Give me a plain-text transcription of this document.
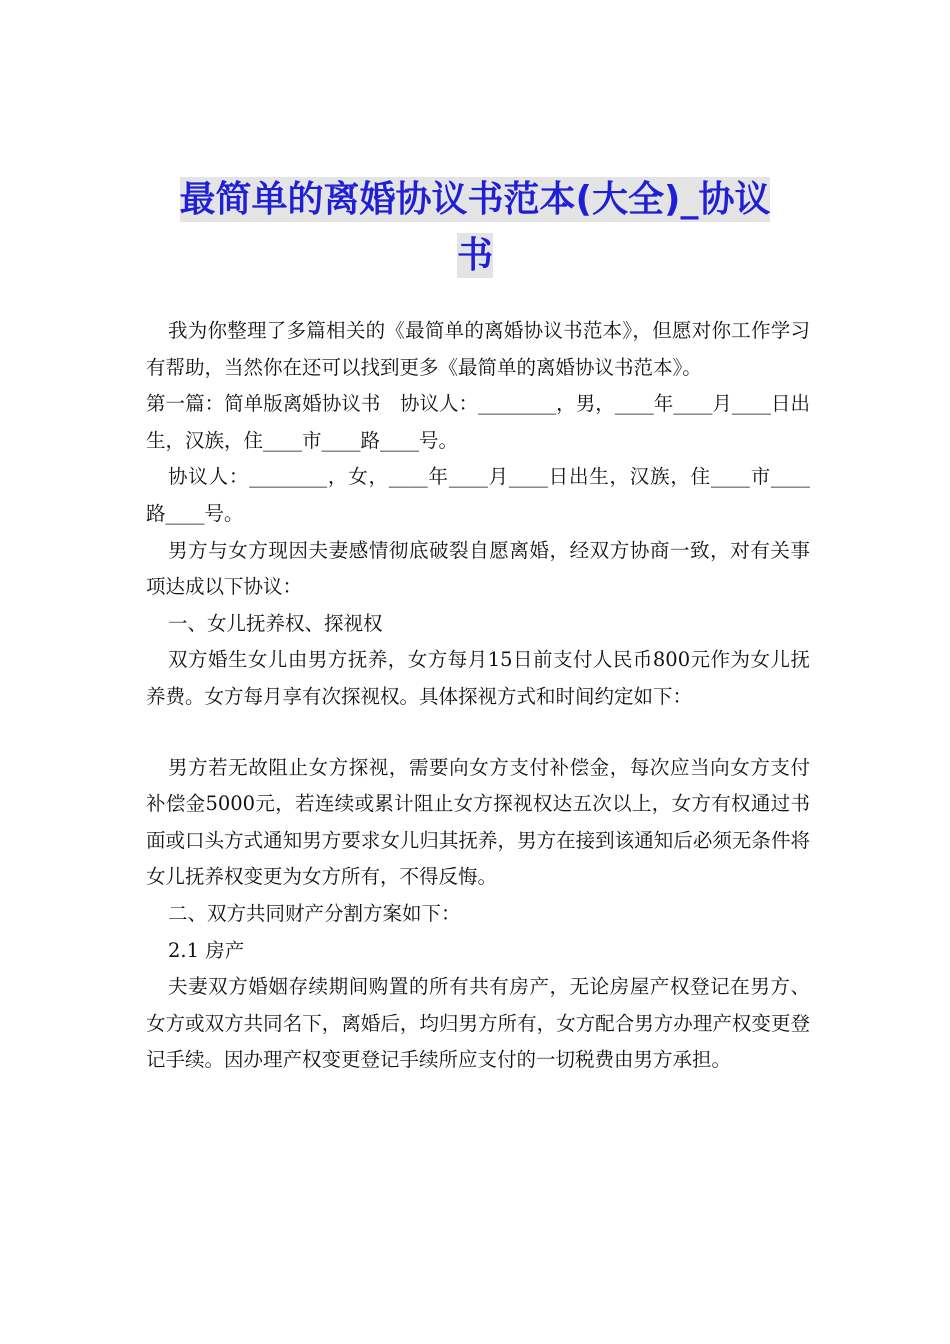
最简单的离婚协议书范本(大全)_协议
书

我为你整理了多篇相关的《最简单的离婚协议书范本》，但愿对你工作学习有帮助，当然你在还可以找到更多《最简单的离婚协议书范本》。

第一篇：简单版离婚协议书　协议人：________，男，____年____月____日出生，汉族，住____市____路____号。

协议人：________，女，____年____月____日出生，汉族，住____市____路____号。

男方与女方现因夫妻感情彻底破裂自愿离婚，经双方协商一致，对有关事项达成以下协议：

一、女儿抚养权、探视权

双方婚生女儿由男方抚养，女方每月15日前支付人民币800元作为女儿抚养费。女方每月享有次探视权。具体探视方式和时间约定如下：

男方若无故阻止女方探视，需要向女方支付补偿金，每次应当向女方支付补偿金5000元，若连续或累计阻止女方探视权达五次以上，女方有权通过书面或口头方式通知男方要求女儿归其抚养，男方在接到该通知后必须无条件将女儿抚养权变更为女方所有，不得反悔。

二、双方共同财产分割方案如下：

2.1 房产

夫妻双方婚姻存续期间购置的所有共有房产，无论房屋产权登记在男方、女方或双方共同名下，离婚后，均归男方所有，女方配合男方办理产权变更登记手续。因办理产权变更登记手续所应支付的一切税费由男方承担。
